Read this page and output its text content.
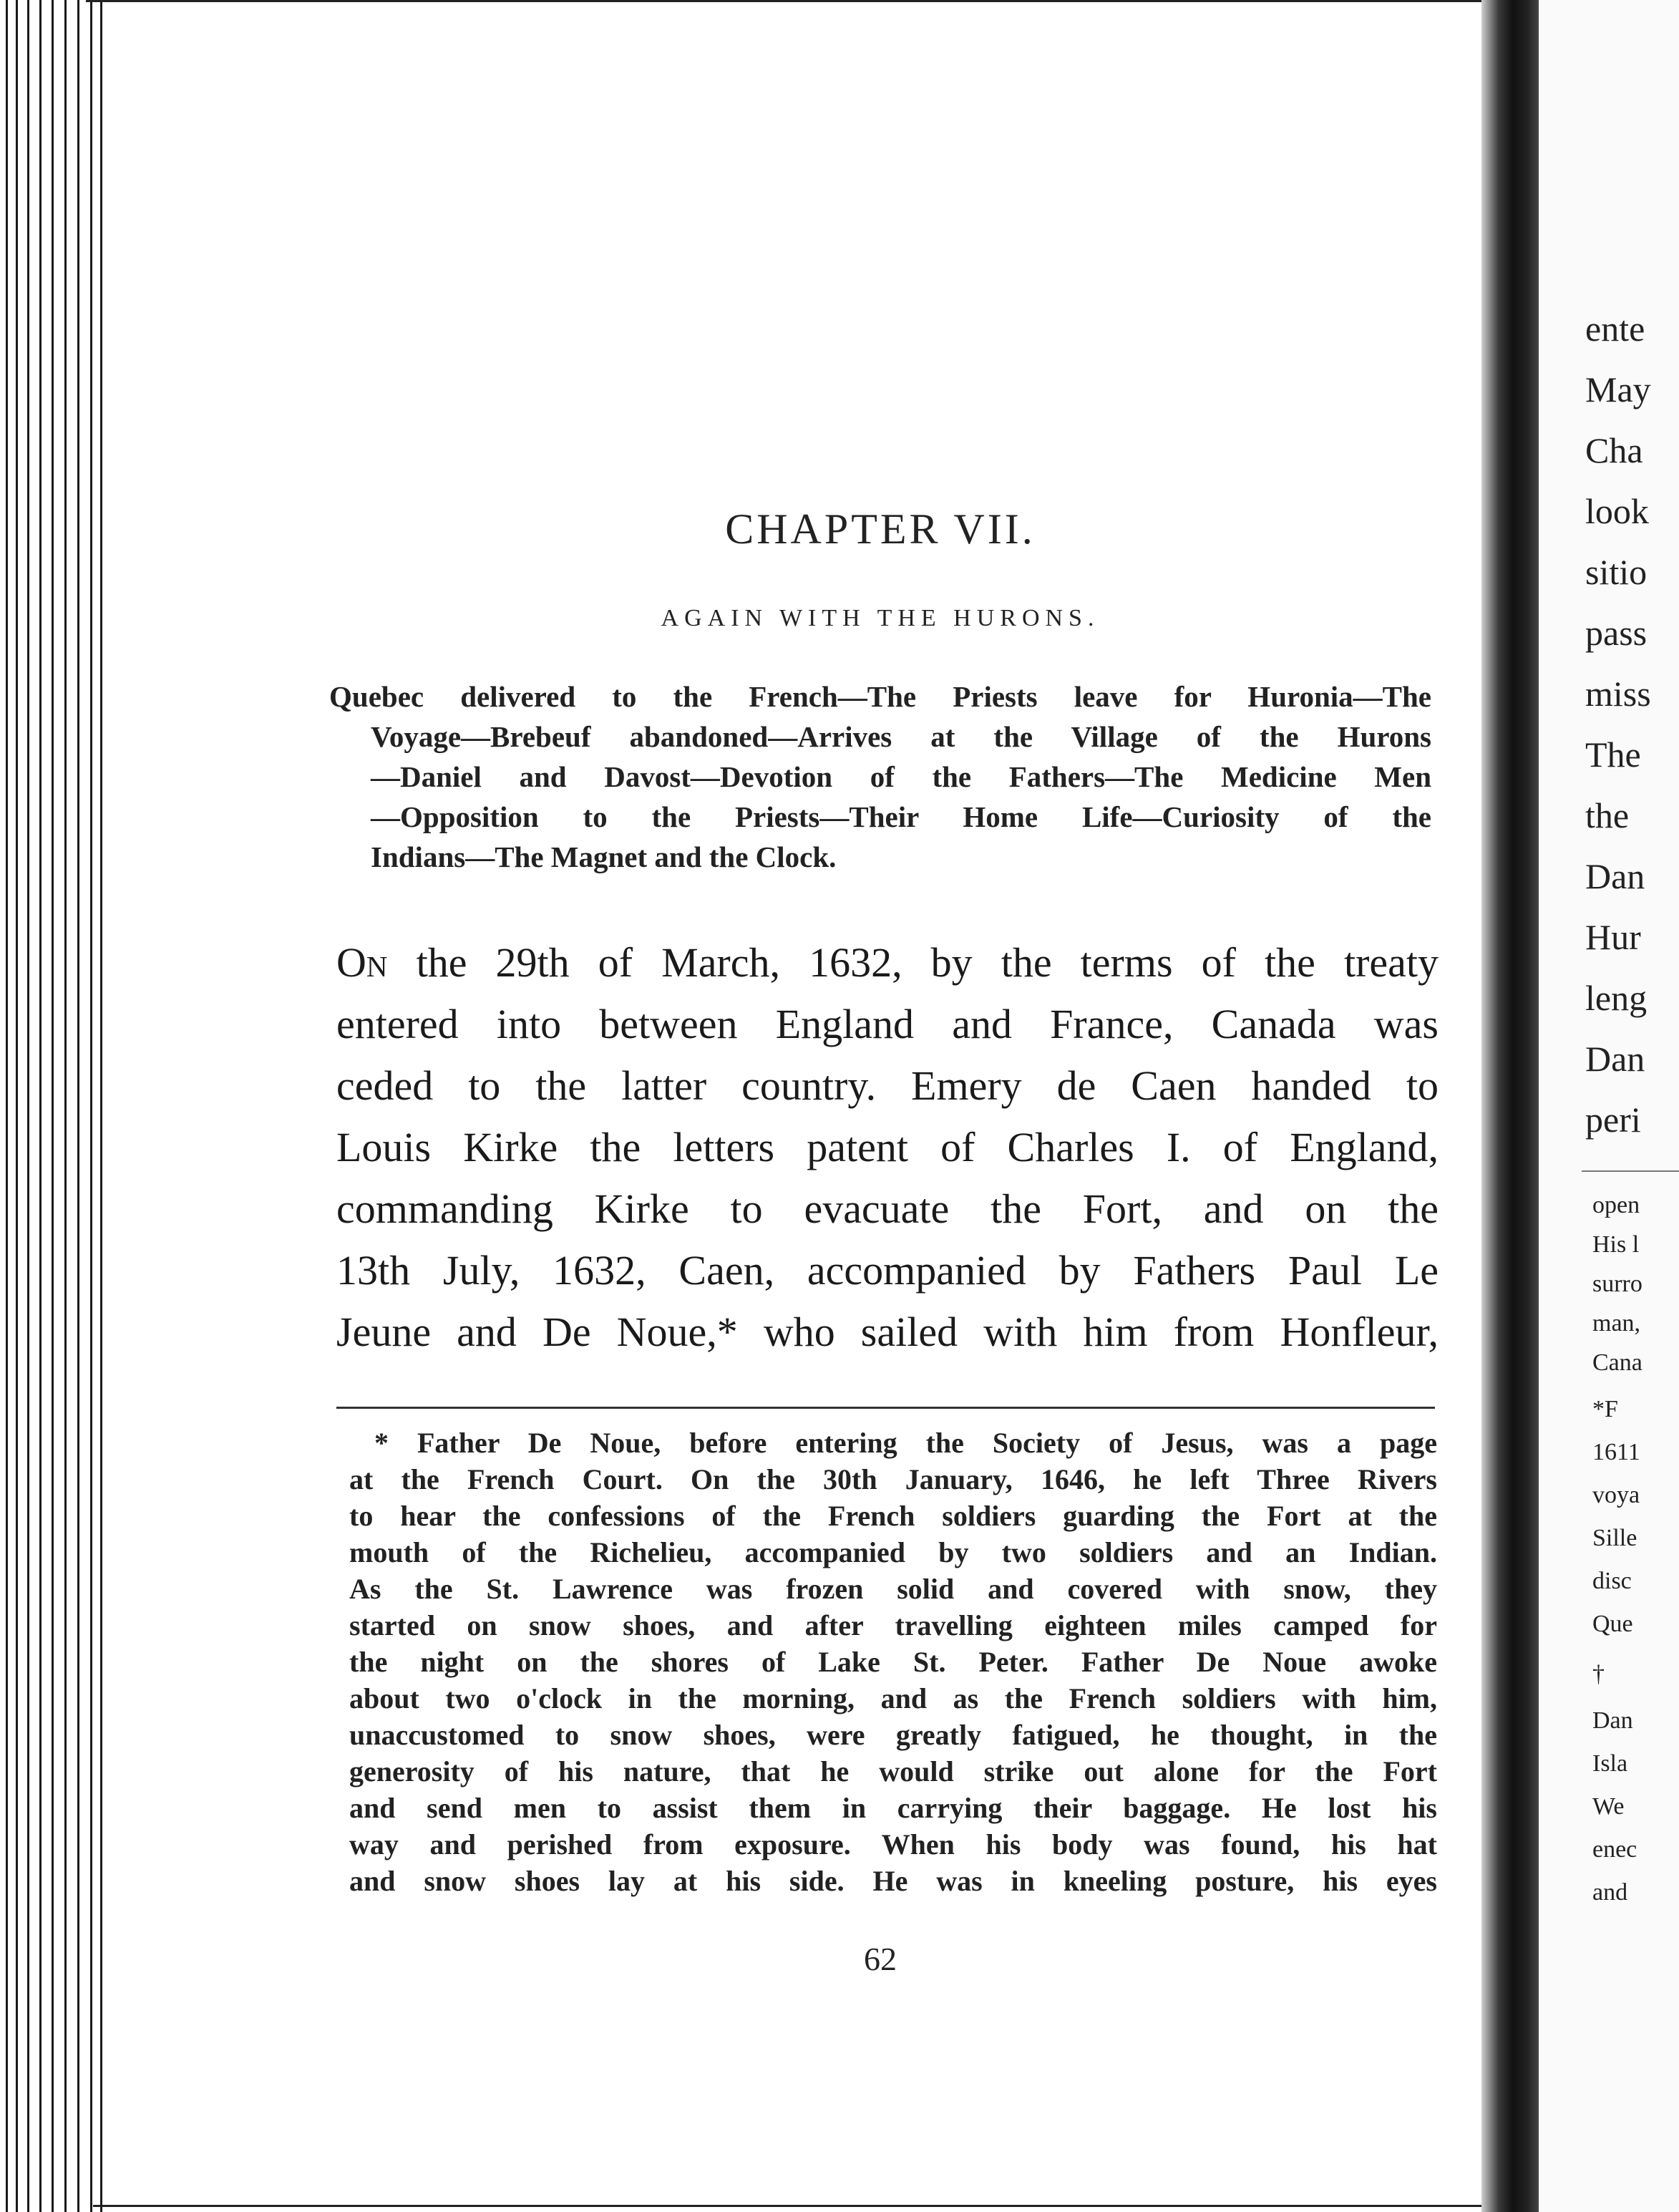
CHAPTER VII.
AGAIN WITH THE HURONS.
Quebec delivered to the French—The Priests leave for Huronia—The
Voyage—Brebeuf abandoned—Arrives at the Village of the Hurons
—Daniel and Davost—Devotion of the Fathers—The Medicine Men
—Opposition to the Priests—Their Home Life—Curiosity of the
Indians—The Magnet and the Clock.
On the 29th of March, 1632, by the terms of the treaty
entered into between England and France, Canada was
ceded to the latter country. Emery de Caen handed to
Louis Kirke the letters patent of Charles I. of England,
commanding Kirke to evacuate the Fort, and on the
13th July, 1632, Caen, accompanied by Fathers Paul Le
Jeune and De Noue,* who sailed with him from Honfleur,
* Father De Noue, before entering the Society of Jesus, was a page
at the French Court. On the 30th January, 1646, he left Three Rivers
to hear the confessions of the French soldiers guarding the Fort at the
mouth of the Richelieu, accompanied by two soldiers and an Indian.
As the St. Lawrence was frozen solid and covered with snow, they
started on snow shoes, and after travelling eighteen miles camped for
the night on the shores of Lake St. Peter. Father De Noue awoke
about two o'clock in the morning, and as the French soldiers with him,
unaccustomed to snow shoes, were greatly fatigued, he thought, in the
generosity of his nature, that he would strike out alone for the Fort
and send men to assist them in carrying their baggage. He lost his
way and perished from exposure. When his body was found, his hat
and snow shoes lay at his side. He was in kneeling posture, his eyes
62
ente
May
Cha
look
sitio
pass
miss
The
the
Dan
Hur
leng
Dan
peri
open
His l
surro
man,
Cana
*F
1611
voya
Sille
disc
Que
†
Dan
Isla
We
enec
and
